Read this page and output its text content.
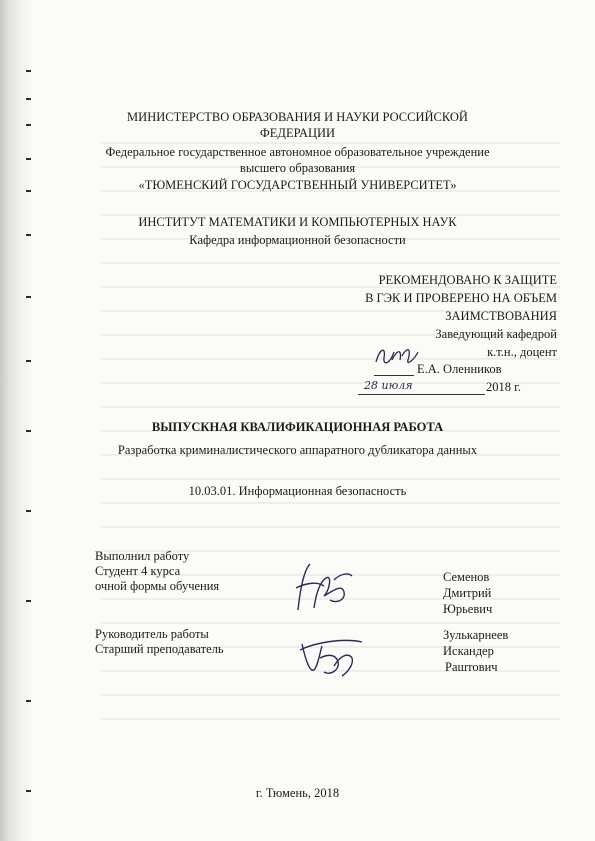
МИНИСТЕРСТВО ОБРАЗОВАНИЯ И НАУКИ РОССИЙСКОЙ
ФЕДЕРАЦИИ
Федеральное государственное автономное образовательное учреждение
высшего образования
«ТЮМЕНСКИЙ ГОСУДАРСТВЕННЫЙ УНИВЕРСИТЕТ»
ИНСТИТУТ МАТЕМАТИКИ И КОМПЬЮТЕРНЫХ НАУК
Кафедра информационной безопасности
РЕКОМЕНДОВАНО К ЗАЩИТЕ
В ГЭК И ПРОВЕРЕНО НА ОБЪЕМ
ЗАИМСТВОВАНИЯ
Заведующий кафедрой
к.т.н., доцент
Е.А. Оленников
28 июля	2018 г.
ВЫПУСКНАЯ КВАЛИФИКАЦИОННАЯ РАБОТА
Разработка криминалистического аппаратного дубликатора данных
10.03.01. Информационная безопасность
Выполнил работу
Студент 4 курса
очной формы обучения
Семенов
Дмитрий
Юрьевич
Руководитель работы
Старший преподаватель
Зулькарнеев
Искандер
Раштович
г. Тюмень, 2018
